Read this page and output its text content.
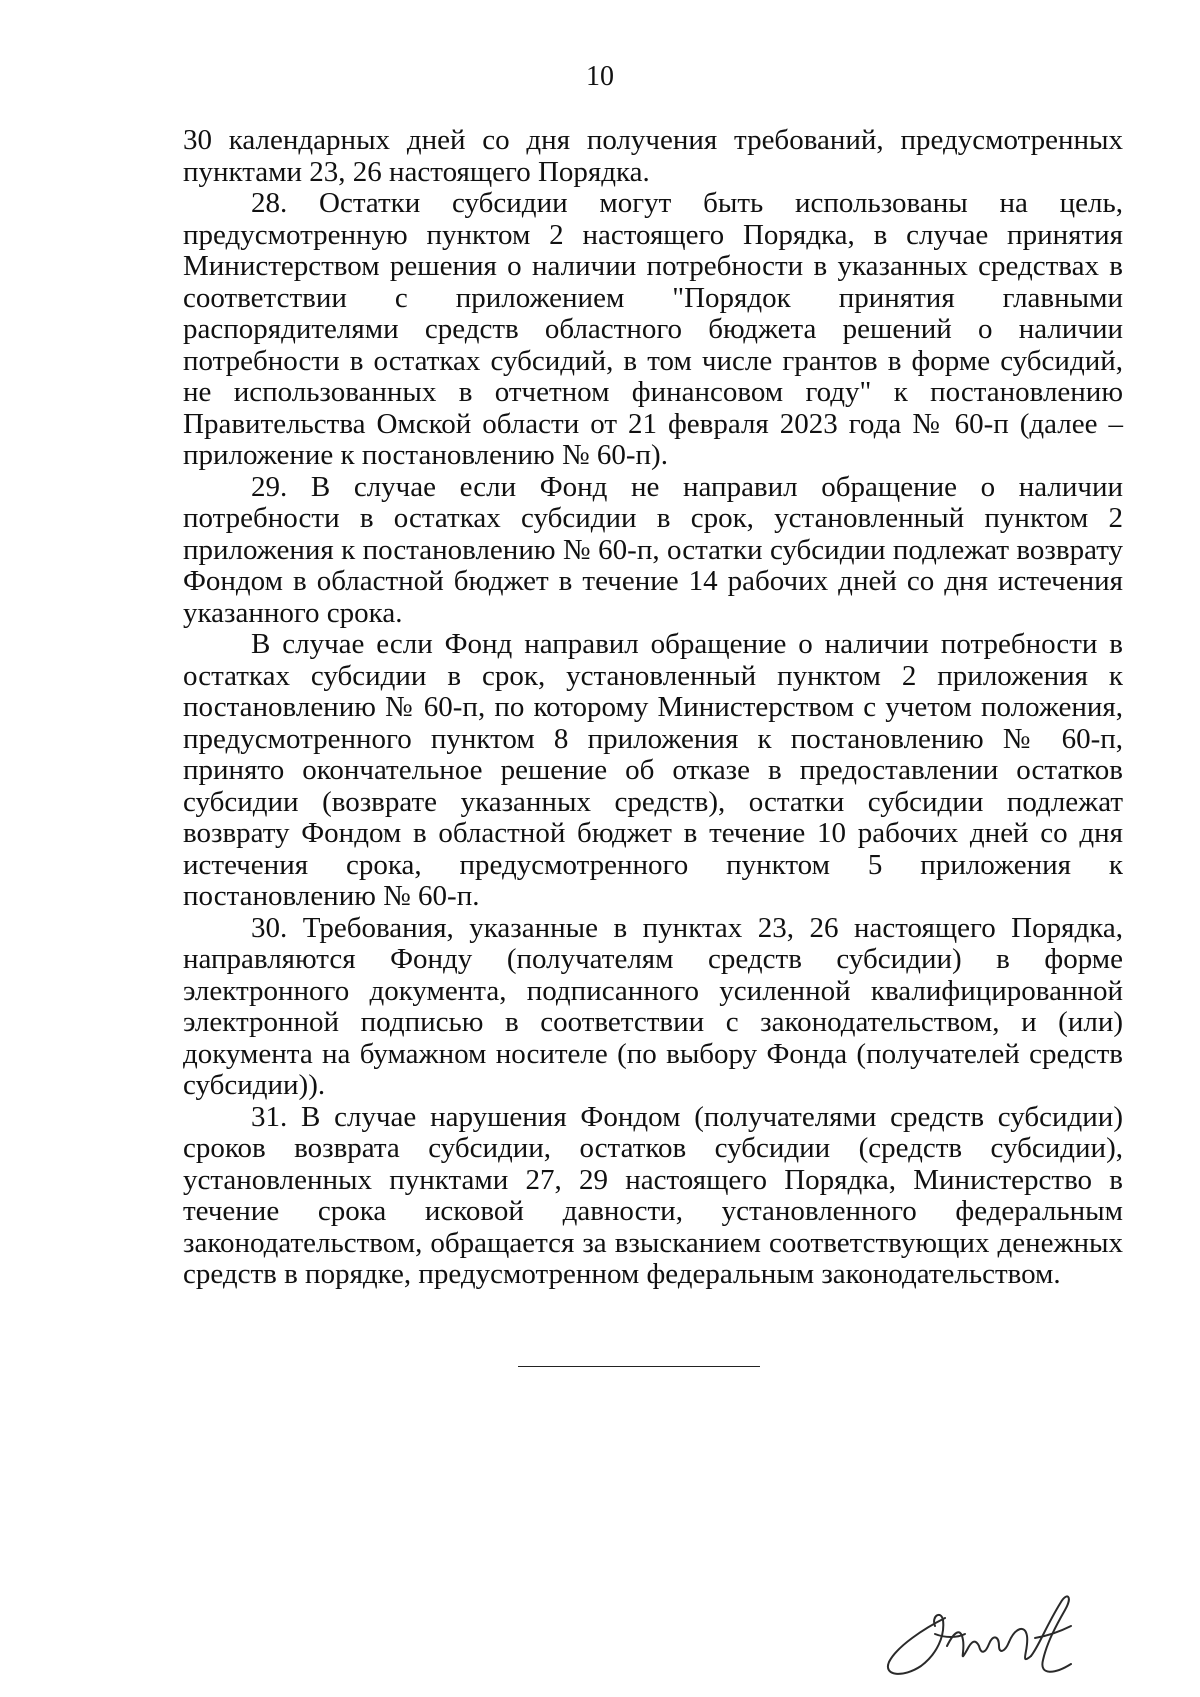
10

30 календарных дней со дня получения требований, предусмотренных пунктами 23, 26 настоящего Порядка.

28. Остатки субсидии могут быть использованы на цель, предусмотренную пунктом 2 настоящего Порядка, в случае принятия Министерством решения о наличии потребности в указанных средствах в соответствии с приложением "Порядок принятия главными распорядителями средств областного бюджета решений о наличии потребности в остатках субсидий, в том числе грантов в форме субсидий, не использованных в отчетном финансовом году" к постановлению Правительства Омской области от 21 февраля 2023 года № 60-п (далее – приложение к постановлению № 60-п).

29. В случае если Фонд не направил обращение о наличии потребности в остатках субсидии в срок, установленный пунктом 2 приложения к постановлению № 60-п, остатки субсидии подлежат возврату Фондом в областной бюджет в течение 14 рабочих дней со дня истечения указанного срока.

В случае если Фонд направил обращение о наличии потребности в остатках субсидии в срок, установленный пунктом 2 приложения к постановлению № 60-п, по которому Министерством с учетом положения, предусмотренного пунктом 8 приложения к постановлению № 60-п, принято окончательное решение об отказе в предоставлении остатков субсидии (возврате указанных средств), остатки субсидии подлежат возврату Фондом в областной бюджет в течение 10 рабочих дней со дня истечения срока, предусмотренного пунктом 5 приложения к постановлению № 60-п.

30. Требования, указанные в пунктах 23, 26 настоящего Порядка, направляются Фонду (получателям средств субсидии) в форме электронного документа, подписанного усиленной квалифицированной электронной подписью в соответствии с законодательством, и (или) документа на бумажном носителе (по выбору Фонда (получателей средств субсидии)).

31. В случае нарушения Фондом (получателями средств субсидии) сроков возврата субсидии, остатков субсидии (средств субсидии), установленных пунктами 27, 29 настоящего Порядка, Министерство в течение срока исковой давности, установленного федеральным законодательством, обращается за взысканием соответствующих денежных средств в порядке, предусмотренном федеральным законодательством.
